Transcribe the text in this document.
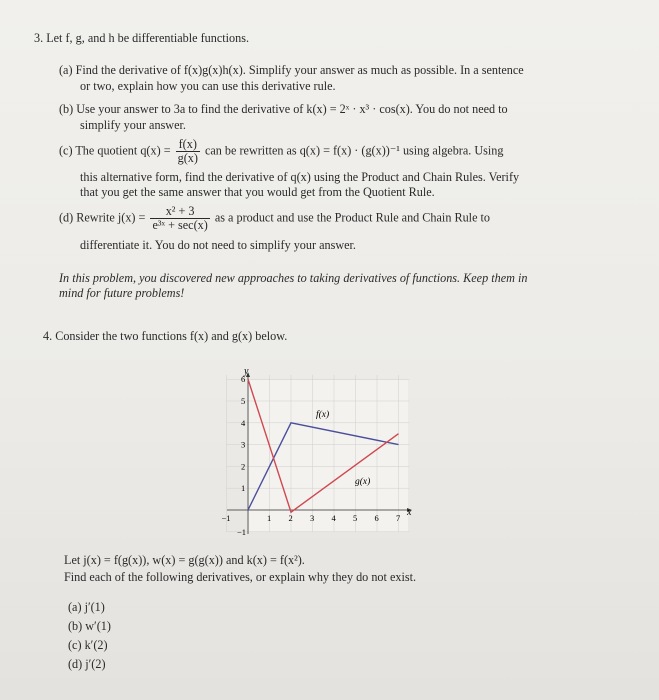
3. Let f, g, and h be differentiable functions.
(a) Find the derivative of f(x)g(x)h(x). Simplify your answer as much as possible. In a sentence
or two, explain how you can use this derivative rule.
(b) Use your answer to 3a to find the derivative of k(x) = 2ˣ · x³ · cos(x). You do not need to
simplify your answer.
(c) The quotient $q(x) = \frac{f(x)}{g(x)}$ can be rewritten as q(x) = f(x) · (g(x))⁻¹ using algebra. Using
this alternative form, find the derivative of q(x) using the Product and Chain Rules. Verify
that you get the same answer that you would get from the Quotient Rule.
(d) Rewrite $j(x) = \frac{\text{x² + 3}}{\text{e³ˣ + sec(x)}}$ as a product and use the Product Rule and Chain Rule to
differentiate it. You do not need to simplify your answer.
In this problem, you discovered new approaches to taking derivatives of functions. Keep them in
mind for future problems!
4. Consider the two functions f(x) and g(x) below.
y
x
−1	1 2 3 4 5 6 7
6
5
4
3
2
1
−1
f(x)
g(x)
Let j(x) = f(g(x)), w(x) = g(g(x)) and k(x) = f(x²).
Find each of the following derivatives, or explain why they do not exist.
(a) j′(1)
(b) w′(1)
(c) k′(2)
(d) j′(2)
